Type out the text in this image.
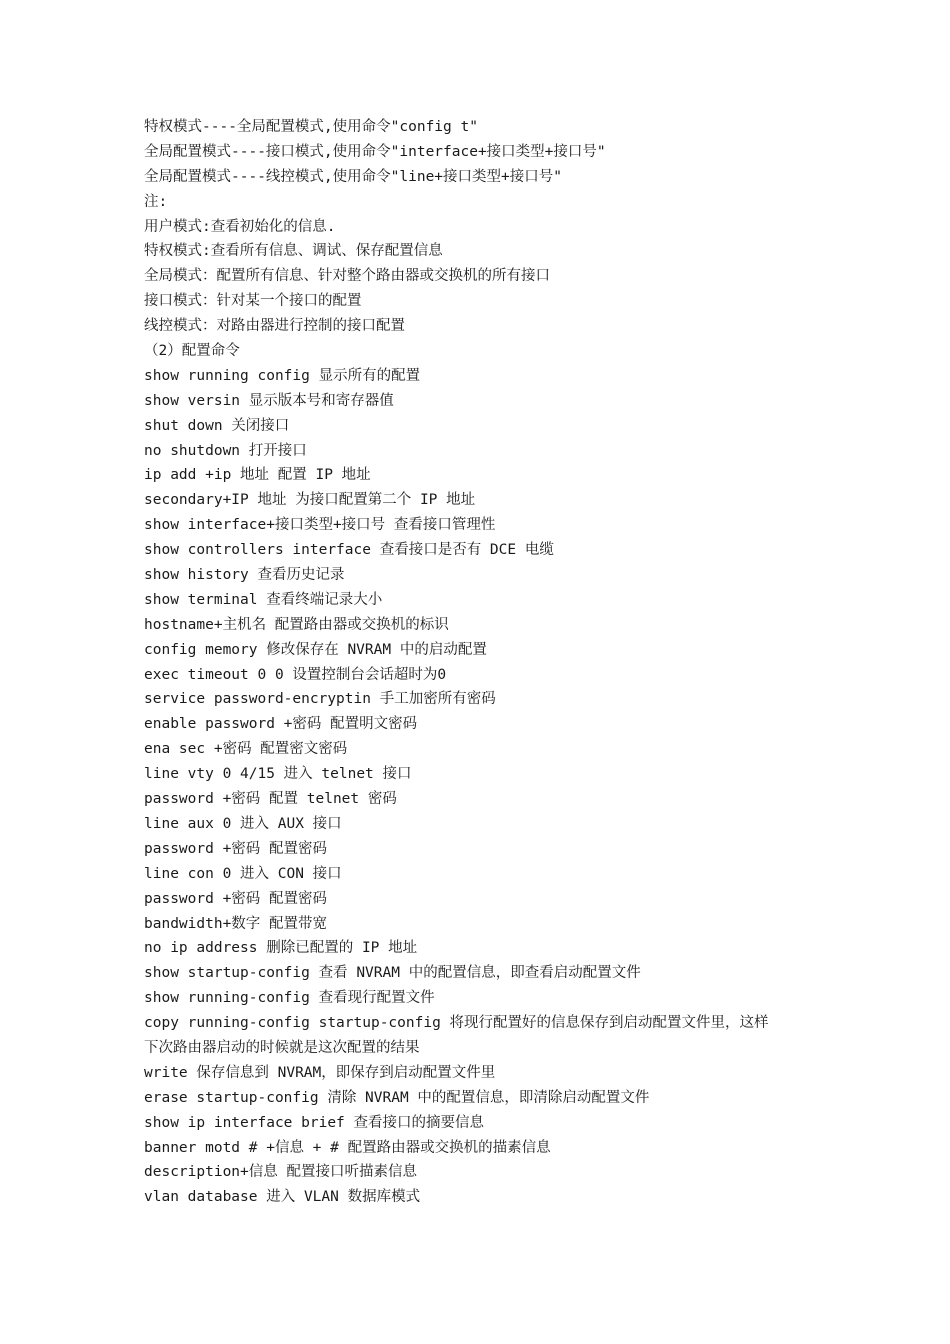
特权模式----全局配置模式,使用命令"config t"
全局配置模式----接口模式,使用命令"interface+接口类型+接口号"
全局配置模式----线控模式,使用命令"line+接口类型+接口号"
注:
用户模式:查看初始化的信息.
特权模式:查看所有信息、调试、保存配置信息
全局模式：配置所有信息、针对整个路由器或交换机的所有接口
接口模式：针对某一个接口的配置
线控模式：对路由器进行控制的接口配置
（2）配置命令
show running config 显示所有的配置
show versin 显示版本号和寄存器值
shut down 关闭接口
no shutdown 打开接口
ip add +ip 地址 配置 IP 地址
secondary+IP 地址 为接口配置第二个 IP 地址
show interface+接口类型+接口号 查看接口管理性
show controllers interface 查看接口是否有 DCE 电缆
show history 查看历史记录
show terminal 查看终端记录大小
hostname+主机名 配置路由器或交换机的标识
config memory 修改保存在 NVRAM 中的启动配置
exec timeout 0 0 设置控制台会话超时为0
service password-encryptin 手工加密所有密码
enable password +密码 配置明文密码
ena sec +密码 配置密文密码
line vty 0 4/15 进入 telnet 接口
password +密码 配置 telnet 密码
line aux 0 进入 AUX 接口
password +密码 配置密码
line con 0 进入 CON 接口
password +密码 配置密码
bandwidth+数字 配置带宽
no ip address 删除已配置的 IP 地址
show startup-config 查看 NVRAM 中的配置信息，即查看启动配置文件
show running-config 查看现行配置文件
copy running-config startup-config 将现行配置好的信息保存到启动配置文件里，这样
下次路由器启动的时候就是这次配置的结果
write 保存信息到 NVRAM，即保存到启动配置文件里
erase startup-config 清除 NVRAM 中的配置信息，即清除启动配置文件
show ip interface brief 查看接口的摘要信息
banner motd # +信息 + # 配置路由器或交换机的描素信息
description+信息 配置接口听描素信息
vlan database 进入 VLAN 数据库模式
